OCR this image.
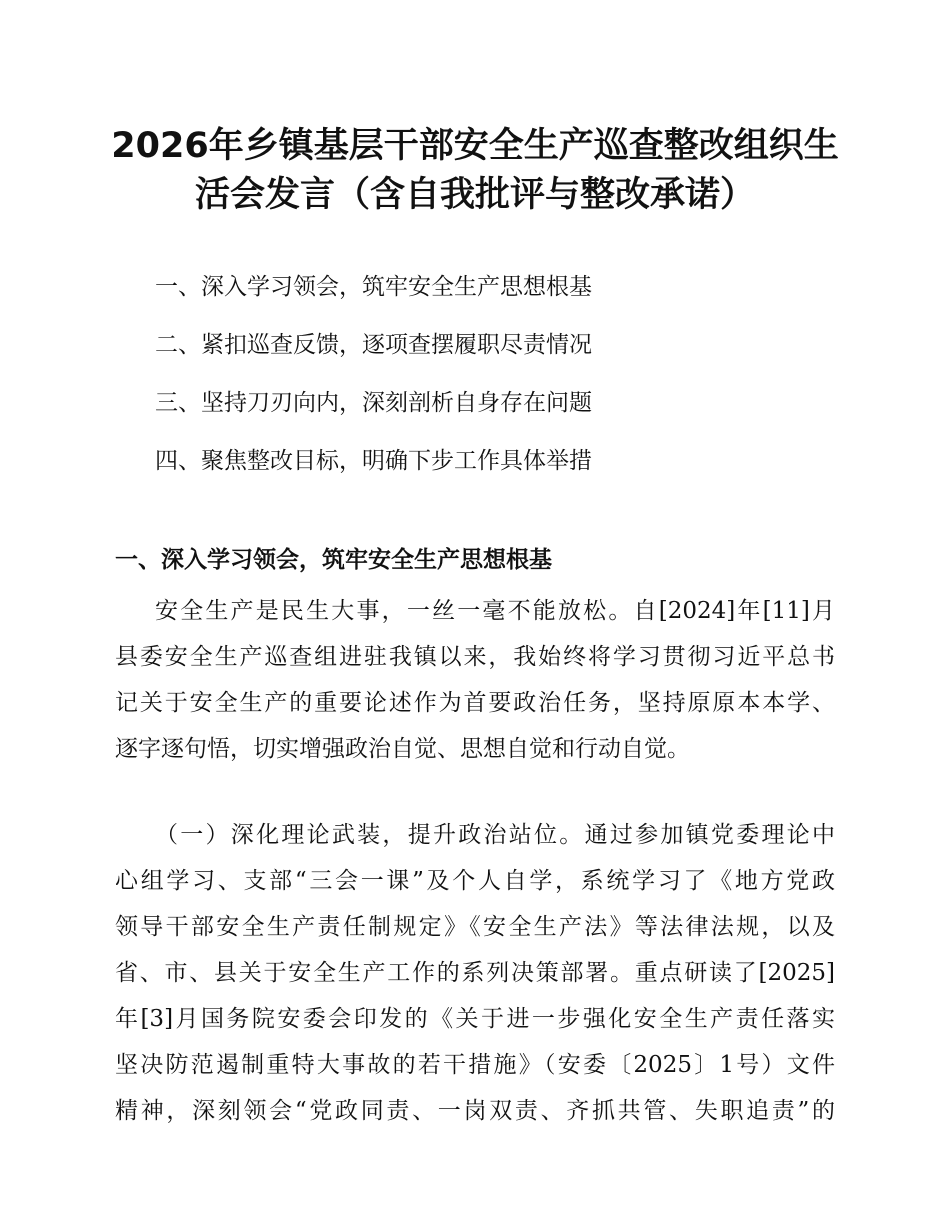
2026年乡镇基层干部安全生产巡查整改组织生
活会发言（含自我批评与整改承诺）
一、深入学习领会，筑牢安全生产思想根基
二、紧扣巡查反馈，逐项查摆履职尽责情况
三、坚持刀刃向内，深刻剖析自身存在问题
四、聚焦整改目标，明确下步工作具体举措
一、深入学习领会，筑牢安全生产思想根基

安全生产是民生大事，一丝一毫不能放松。自[2024]年[11]月
县委安全生产巡查组进驻我镇以来，我始终将学习贯彻习近平总书
记关于安全生产的重要论述作为首要政治任务，坚持原原本本学、
逐字逐句悟，切实增强政治自觉、思想自觉和行动自觉。

（一）深化理论武装，提升政治站位。通过参加镇党委理论中
心组学习、支部“三会一课”及个人自学，系统学习了《地方党政
领导干部安全生产责任制规定》《安全生产法》等法律法规，以及
省、市、县关于安全生产工作的系列决策部署。重点研读了[2025]
年[3]月国务院安委会印发的《关于进一步强化安全生产责任落实
坚决防范遏制重特大事故的若干措施》（安委〔2025〕1号）文件
精神，深刻领会“党政同责、一岗双责、齐抓共管、失职追责”的
